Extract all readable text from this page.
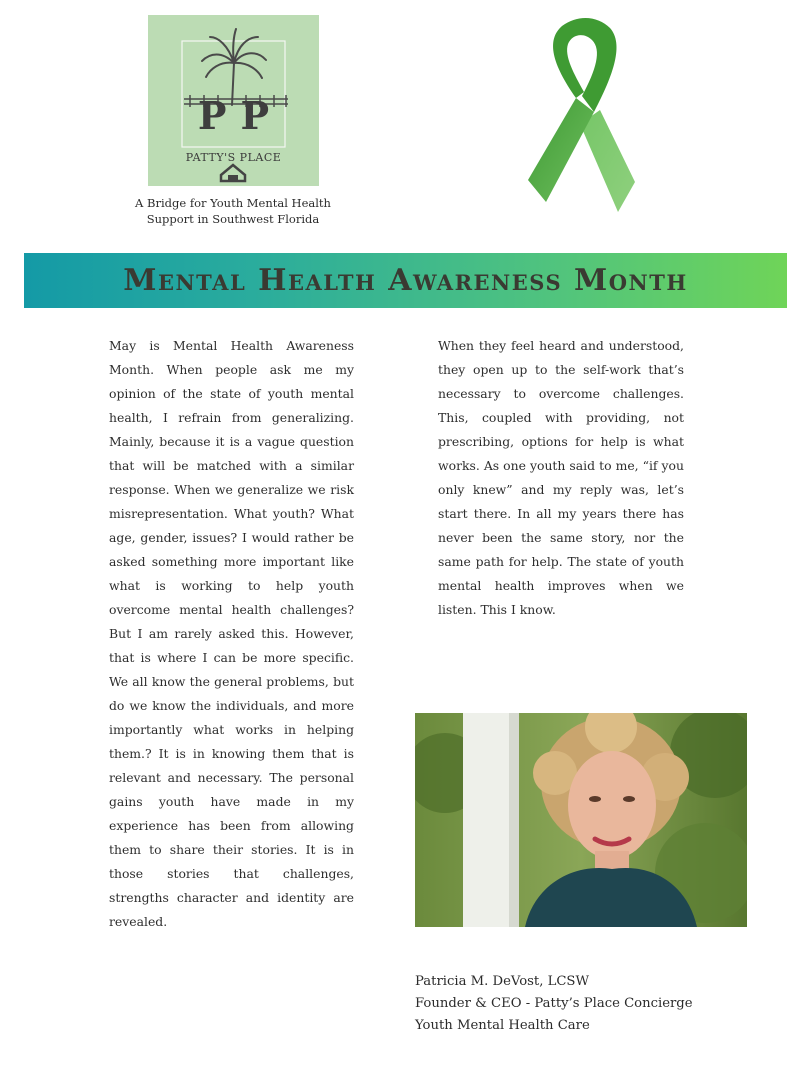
PP
PATTY'S PLACE
A Bridge for Youth Mental Health
Support in Southwest Florida
Mental Health Awareness Month

May is Mental Health Awareness Month. When people ask me my opinion of the state of youth mental health, I refrain from generalizing. Mainly, because it is a vague question that will be matched with a similar response. When we generalize we risk misrepresentation. What youth? What age, gender, issues? I would rather be asked something more important like what is working to help youth overcome mental health challenges? But I am rarely asked this. However, that is where I can be more specific. We all know the general problems, but do we know the individuals, and more importantly what works in helping them.? It is in knowing them that is relevant and necessary. The personal gains youth have made in my experience has been from allowing them to share their stories. It is in those stories that challenges, strengths character and identity are revealed.

When they feel heard and understood, they open up to the self-work that’s necessary to overcome challenges. This, coupled with providing, not prescribing, options for help is what works. As one youth said to me, “if you only knew” and my reply was, let’s start there. In all my years there has never been the same story, nor the same path for help. The state of youth mental health improves when we listen. This I know.

Patricia M. DeVost, LCSW
Founder & CEO - Patty’s Place Concierge
Youth Mental Health Care
